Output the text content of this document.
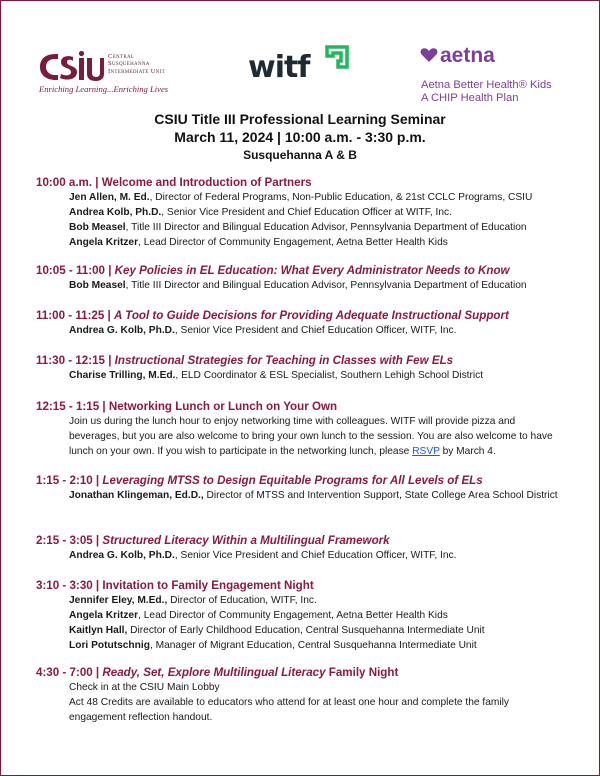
Central
Susquehanna
Intermediate Unit
Enriching Learning...Enriching Lives
witf	aetna
Aetna Better Health® Kids
A CHIP Health Plan
CSIU Title III Professional Learning Seminar
March 11, 2024 | 10:00 a.m. - 3:30 p.m.
Susquehanna A & B
10:00 a.m. | Welcome and Introduction of Partners
Jen Allen, M. Ed., Director of Federal Programs, Non-Public Education, & 21st CCLC Programs, CSIU
Andrea Kolb, Ph.D., Senior Vice President and Chief Education Officer at WITF, Inc.
Bob Measel, Title III Director and Bilingual Education Advisor, Pennsylvania Department of Education
Angela Kritzer, Lead Director of Community Engagement, Aetna Better Health Kids
10:05 - 11:00 | Key Policies in EL Education: What Every Administrator Needs to Know
Bob Measel, Title III Director and Bilingual Education Advisor, Pennsylvania Department of Education
11:00 - 11:25 | A Tool to Guide Decisions for Providing Adequate Instructional Support
Andrea G. Kolb, Ph.D., Senior Vice President and Chief Education Officer, WITF, Inc.
11:30 - 12:15 | Instructional Strategies for Teaching in Classes with Few ELs
Charise Trilling, M.Ed., ELD Coordinator & ESL Specialist, Southern Lehigh School District
12:15 - 1:15 | Networking Lunch or Lunch on Your Own
Join us during the lunch hour to enjoy networking time with colleagues. WITF will provide pizza and beverages, but you are also welcome to bring your own lunch to the session. You are also welcome to have lunch on your own. If you wish to participate in the networking lunch, please RSVP by March 4.
1:15 - 2:10 | Leveraging MTSS to Design Equitable Programs for All Levels of ELs
Jonathan Klingeman, Ed.D., Director of MTSS and Intervention Support, State College Area School District
2:15 - 3:05 | Structured Literacy Within a Multilingual Framework
Andrea G. Kolb, Ph.D., Senior Vice President and Chief Education Officer, WITF, Inc.
3:10 - 3:30 | Invitation to Family Engagement Night
Jennifer Eley, M.Ed., Director of Education, WITF, Inc.
Angela Kritzer, Lead Director of Community Engagement, Aetna Better Health Kids
Kaitlyn Hall, Director of Early Childhood Education, Central Susquehanna Intermediate Unit
Lori Potutschnig, Manager of Migrant Education, Central Susquehanna Intermediate Unit
4:30 - 7:00 | Ready, Set, Explore Multilingual Literacy Family Night
Check in at the CSIU Main Lobby
Act 48 Credits are available to educators who attend for at least one hour and complete the family engagement reflection handout.
